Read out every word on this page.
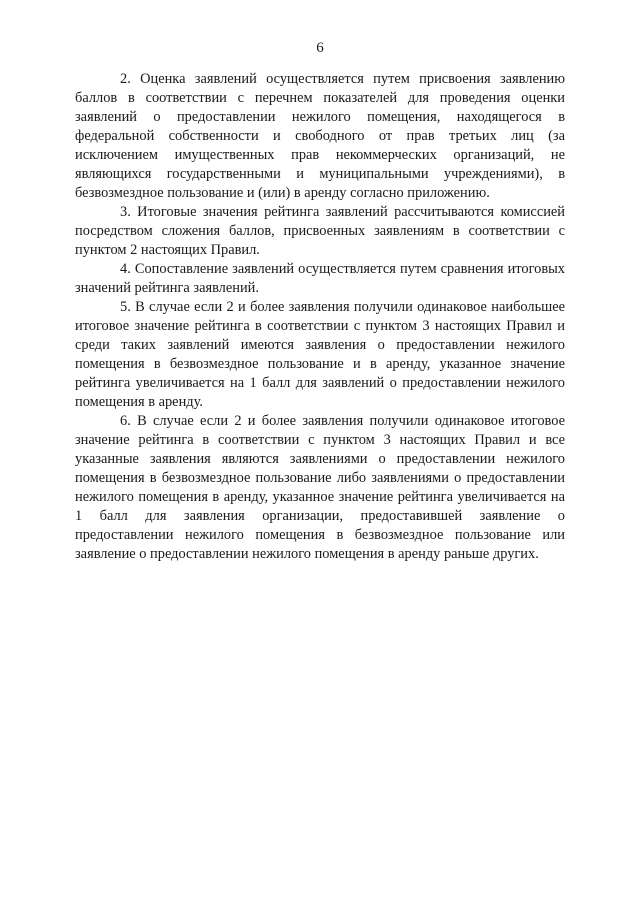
6

2. Оценка заявлений осуществляется путем присвоения заявлению баллов в соответствии с перечнем показателей для проведения оценки заявлений о предоставлении нежилого помещения, находящегося в федеральной собственности и свободного от прав третьих лиц (за исключением имущественных прав некоммерческих организаций, не являющихся государственными и муниципальными учреждениями), в безвозмездное пользование и (или) в аренду согласно приложению.

3. Итоговые значения рейтинга заявлений рассчитываются комиссией посредством сложения баллов, присвоенных заявлениям в соответствии с пунктом 2 настоящих Правил.

4. Сопоставление заявлений осуществляется путем сравнения итоговых значений рейтинга заявлений.

5. В случае если 2 и более заявления получили одинаковое наибольшее итоговое значение рейтинга в соответствии с пунктом 3 настоящих Правил и среди таких заявлений имеются заявления о предоставлении нежилого помещения в безвозмездное пользование и в аренду, указанное значение рейтинга увеличивается на 1 балл для заявлений о предоставлении нежилого помещения в аренду.

6. В случае если 2 и более заявления получили одинаковое итоговое значение рейтинга в соответствии с пунктом 3 настоящих Правил и все указанные заявления являются заявлениями о предоставлении нежилого помещения в безвозмездное пользование либо заявлениями о предоставлении нежилого помещения в аренду, указанное значение рейтинга увеличивается на 1 балл для заявления организации, предоставившей заявление о предоставлении нежилого помещения в безвозмездное пользование или заявление о предоставлении нежилого помещения в аренду раньше других.
